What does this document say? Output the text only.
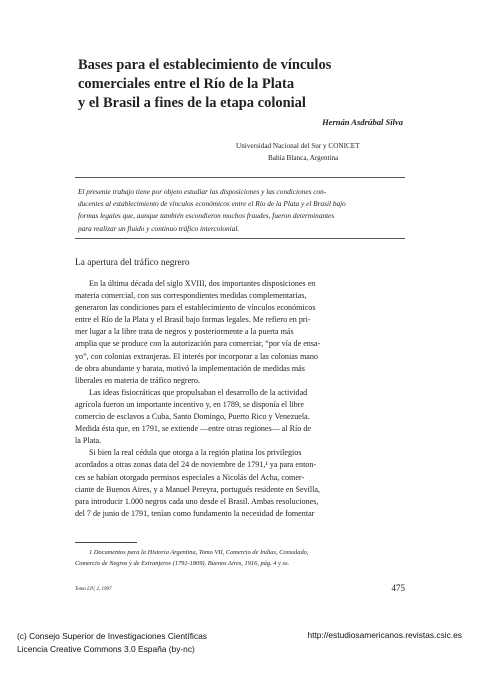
Bases para el establecimiento de vínculos
comerciales entre el Río de la Plata
y el Brasil a fines de la etapa colonial
Hernán Asdrúbal Silva
Universidad Nacional del Sur y CONICET
Bahía Blanca, Argentina
El presente trabajo tiene por objeto estudiar las disposiciones y las condiciones con-
ducentes al establecimiento de vínculos económicos entre el Río de la Plata y el Brasil bajo
formas legales que, aunque también escondieron muchos fraudes, fueron determinantes
para realizar un fluido y continuo tráfico intercolonial.
La apertura del tráfico negrero
En la última década del siglo XVIII, dos importantes disposiciones en
materia comercial, con sus correspondientes medidas complementarias,
generaron las condiciones para el establecimiento de vínculos económicos
entre el Río de la Plata y el Brasil bajo formas legales. Me refiero en pri-
mer lugar a la libre trata de negros y posteriormente a la puerta más
amplia que se produce con la autorización para comerciar, “por vía de ensa-
yo”, con colonias extranjeras. El interés por incorporar a las colonias mano
de obra abundante y barata, motivó la implementación de medidas más
liberales en materia de tráfico negrero.
Las ideas fisiocráticas que propulsaban el desarrollo de la actividad
agrícola fueron un importante incentivo y, en 1789, se disponía el libre
comercio de esclavos a Cuba, Santo Domingo, Puerto Rico y Venezuela.
Medida ésta que, en 1791, se extiende —entre otras regiones— al Río de
la Plata.
Si bien la real cédula que otorga a la región platina los privilegios
acordados a otras zonas data del 24 de noviembre de 1791,¹ ya para enton-
ces se habían otorgado permisos especiales a Nicolás del Acha, comer-
ciante de Buenos Aires, y a Manuel Pereyra, portugués residente en Sevilla,
para introducir 1.000 negros cada uno desde el Brasil. Ambas resoluciones,
del 7 de junio de 1791, tenían como fundamento la necesidad de fomentar
1 Documentos para la Historia Argentina, Tomo VII, Comercio de Indias, Consulado,
Comercio de Negros y de Extranjeros (1791-1809). Buenos Aires, 1916, pág. 4 y ss.
Tomo LIV, 2, 1997	475
(c) Consejo Superior de Investigaciones Científicas
Licencia Creative Commons 3.0 España (by-nc)
http://estudiosamericanos.revistas.csic.es
